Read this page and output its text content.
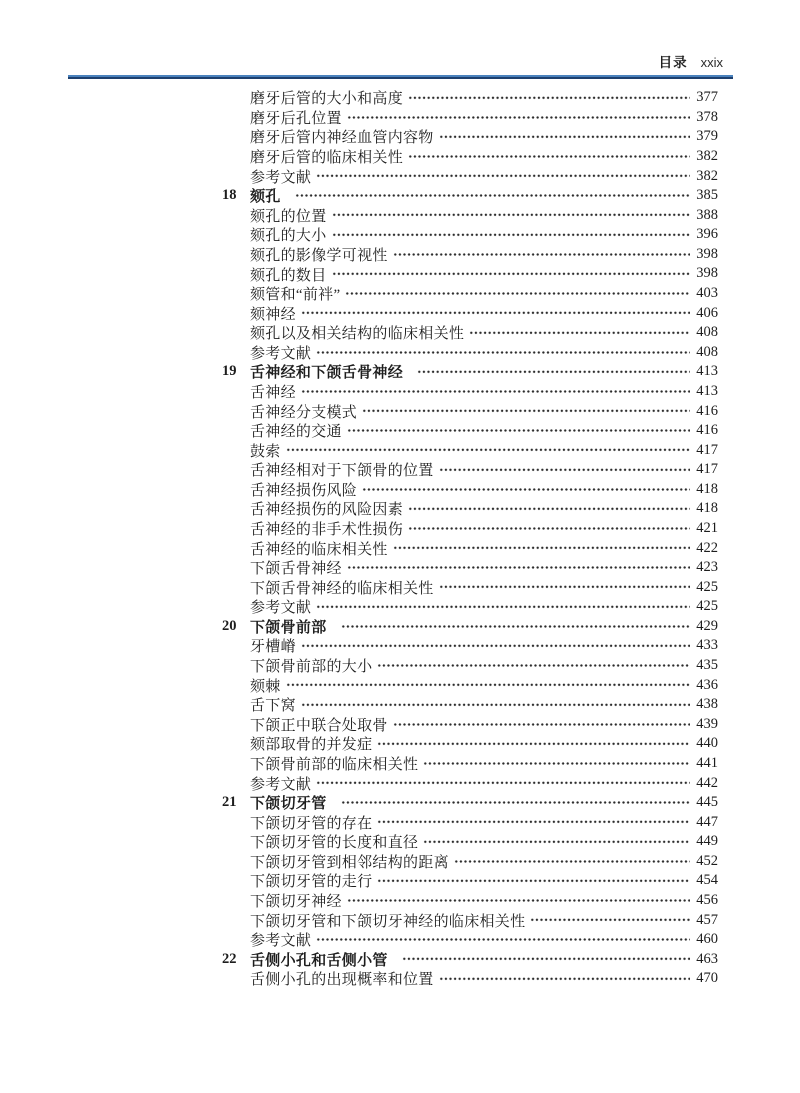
目录 xxix
磨牙后管的大小和高度	377
磨牙后孔位置	378
磨牙后管内神经血管内容物	379
磨牙后管的临床相关性	382
参考文献	382
18 颏孔	385
颏孔的位置	388
颏孔的大小	396
颏孔的影像学可视性	398
颏孔的数目	398
颏管和“前袢”	403
颏神经	406
颏孔以及相关结构的临床相关性	408
参考文献	408
19 舌神经和下颌舌骨神经	413
舌神经	413
舌神经分支模式	416
舌神经的交通	416
鼓索	417
舌神经相对于下颌骨的位置	417
舌神经损伤风险	418
舌神经损伤的风险因素	418
舌神经的非手术性损伤	421
舌神经的临床相关性	422
下颌舌骨神经	423
下颌舌骨神经的临床相关性	425
参考文献	425
20 下颌骨前部	429
牙槽嵴	433
下颌骨前部的大小	435
颏棘	436
舌下窝	438
下颌正中联合处取骨	439
颏部取骨的并发症	440
下颌骨前部的临床相关性	441
参考文献	442
21 下颌切牙管	445
下颌切牙管的存在	447
下颌切牙管的长度和直径	449
下颌切牙管到相邻结构的距离	452
下颌切牙管的走行	454
下颌切牙神经	456
下颌切牙管和下颌切牙神经的临床相关性	457
参考文献	460
22 舌侧小孔和舌侧小管	463
舌侧小孔的出现概率和位置	470
